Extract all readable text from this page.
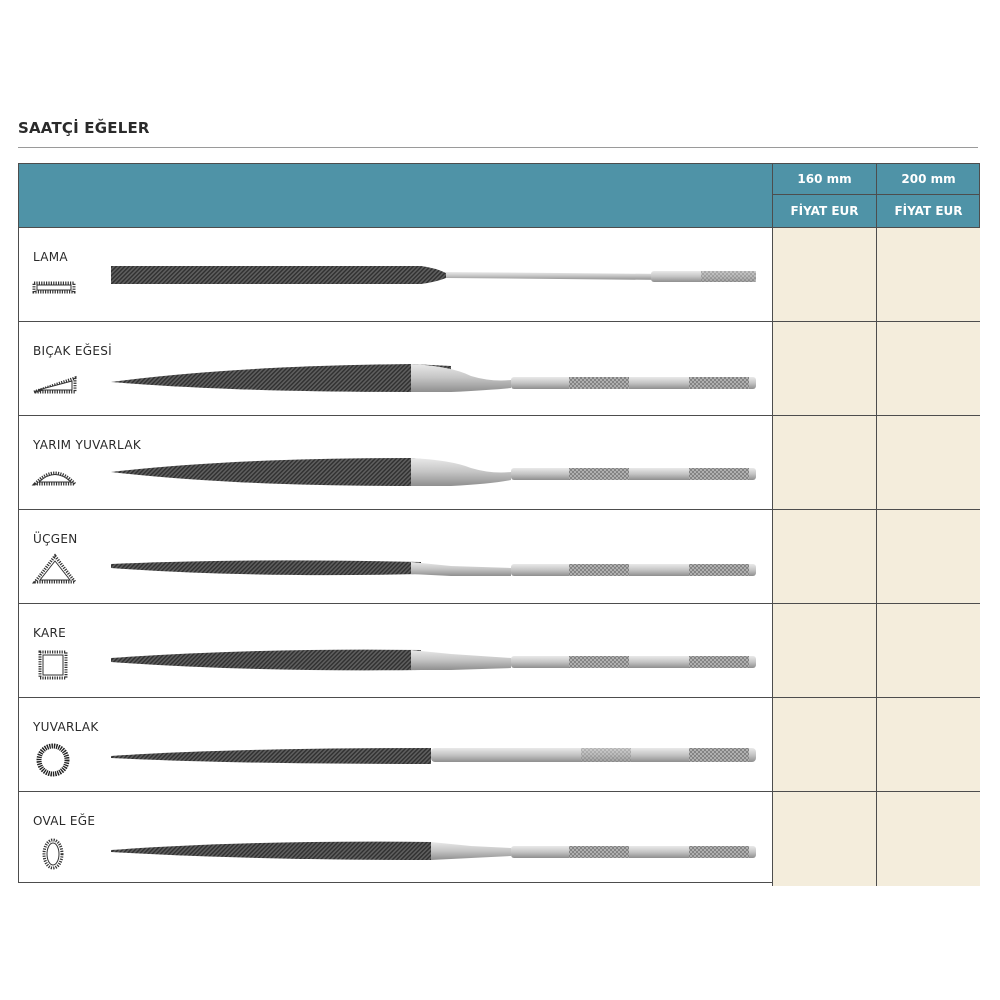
SAATÇİ EĞELER
160 mm
FİYAT EUR
200 mm
FİYAT EUR
LAMA
BIÇAK EĞESİ
YARIM YUVARLAK
ÜÇGEN
KARE
YUVARLAK
OVAL EĞE
